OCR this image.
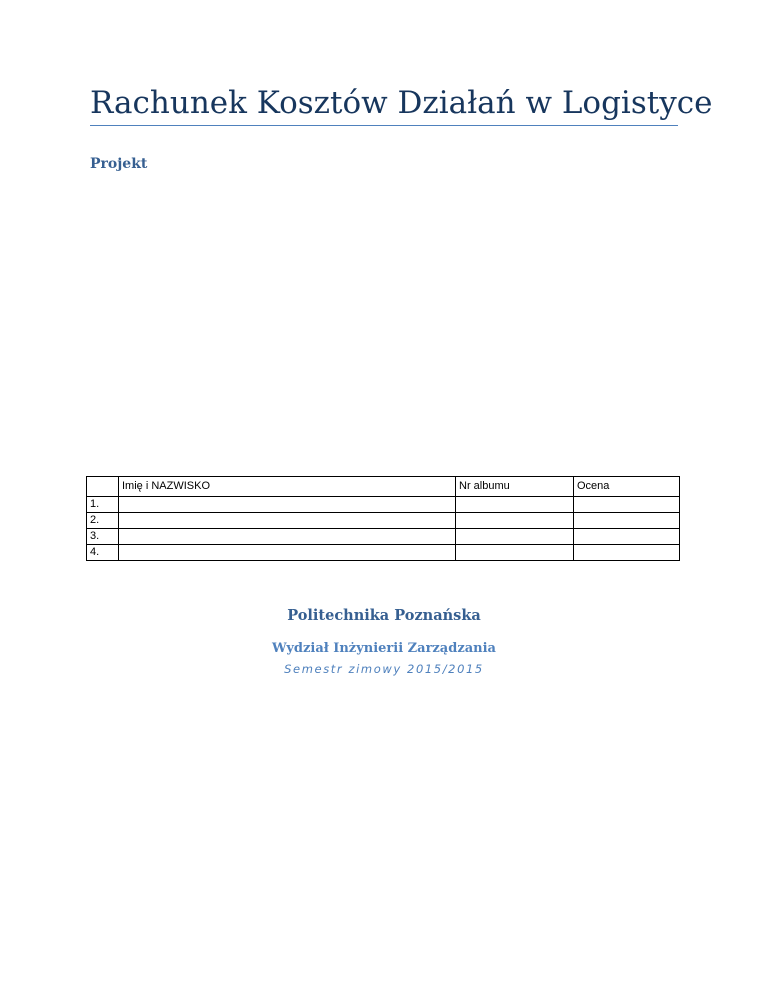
Rachunek Kosztów Działań w Logistyce
Projekt
	Imię i NAZWISKO	Nr albumu	Ocena
1.			
2.			
3.			
4.			

Politechnika Poznańska

Wydział Inżynierii Zarządzania

Semestr zimowy 2015/2015
